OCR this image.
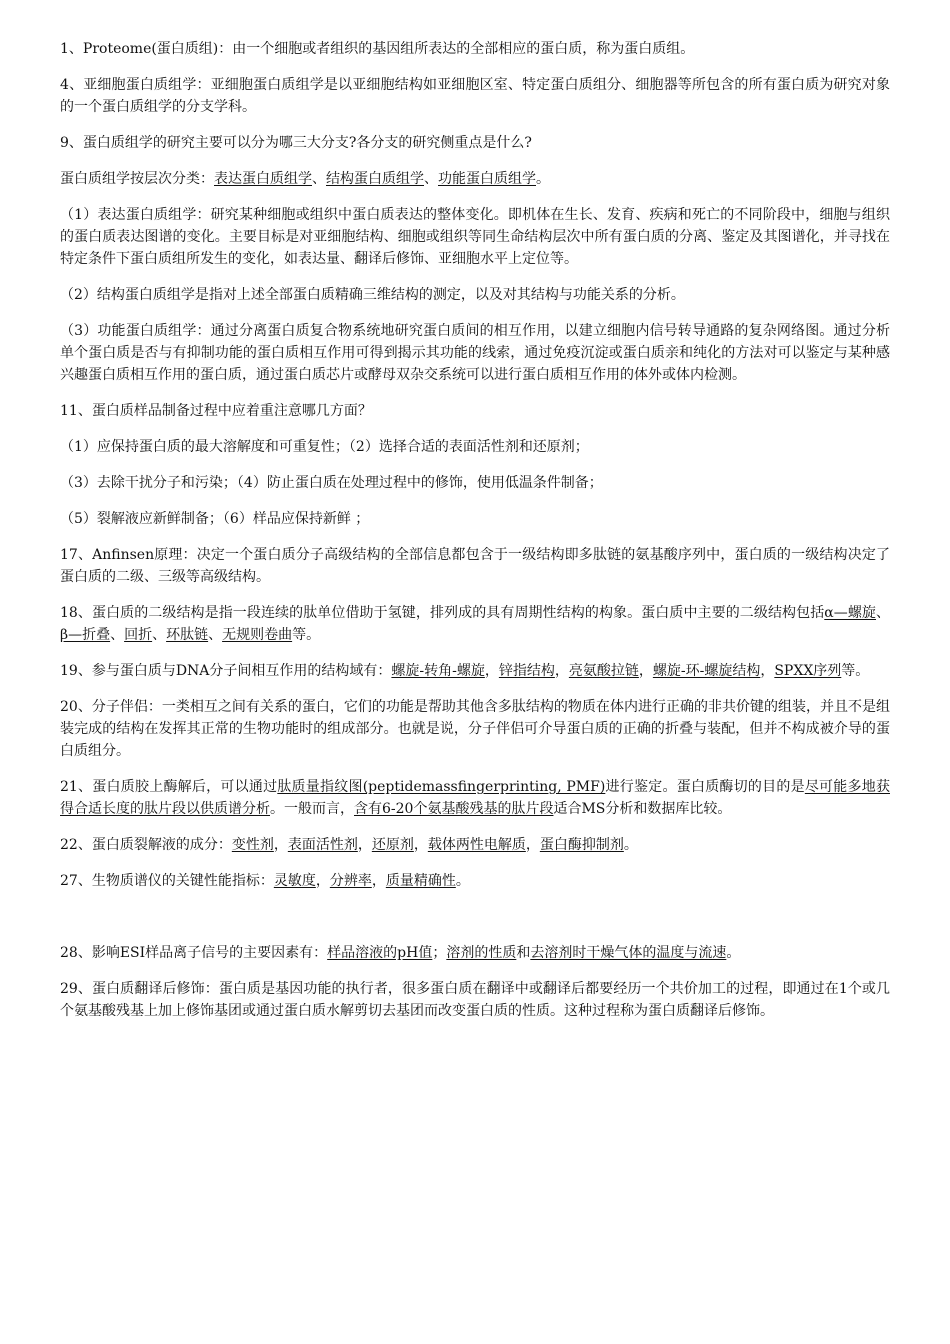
1、Proteome(蛋白质组)：由一个细胞或者组织的基因组所表达的全部相应的蛋白质，称为蛋白质组。

4、亚细胞蛋白质组学：亚细胞蛋白质组学是以亚细胞结构如亚细胞区室、特定蛋白质组分、细胞器等所包含的所有蛋白质为研究对象的一个蛋白质组学的分支学科。

9、蛋白质组学的研究主要可以分为哪三大分支?各分支的研究侧重点是什么?

蛋白质组学按层次分类：表达蛋白质组学、结构蛋白质组学、功能蛋白质组学。

（1）表达蛋白质组学：研究某种细胞或组织中蛋白质表达的整体变化。即机体在生长、发育、疾病和死亡的不同阶段中，细胞与组织的蛋白质表达图谱的变化。主要目标是对亚细胞结构、细胞或组织等同生命结构层次中所有蛋白质的分离、鉴定及其图谱化，并寻找在特定条件下蛋白质组所发生的变化，如表达量、翻译后修饰、亚细胞水平上定位等。

（2）结构蛋白质组学是指对上述全部蛋白质精确三维结构的测定，以及对其结构与功能关系的分析。

（3）功能蛋白质组学：通过分离蛋白质复合物系统地研究蛋白质间的相互作用，以建立细胞内信号转导通路的复杂网络图。通过分析单个蛋白质是否与有抑制功能的蛋白质相互作用可得到揭示其功能的线索，通过免疫沉淀或蛋白质亲和纯化的方法对可以鉴定与某种感兴趣蛋白质相互作用的蛋白质，通过蛋白质芯片或酵母双杂交系统可以进行蛋白质相互作用的体外或体内检测。

11、蛋白质样品制备过程中应着重注意哪几方面？

（1）应保持蛋白质的最大溶解度和可重复性；（2）选择合适的表面活性剂和还原剂；

（3）去除干扰分子和污染；（4）防止蛋白质在处理过程中的修饰，使用低温条件制备；

（5）裂解液应新鲜制备；（6）样品应保持新鲜 ；

17、Anfinsen原理：决定一个蛋白质分子高级结构的全部信息都包含于一级结构即多肽链的氨基酸序列中，蛋白质的一级结构决定了蛋白质的二级、三级等高级结构。

18、蛋白质的二级结构是指一段连续的肽单位借助于氢键，排列成的具有周期性结构的构象。蛋白质中主要的二级结构包括α—螺旋、β—折叠、回折、环肽链、无规则卷曲等。

19、参与蛋白质与DNA分子间相互作用的结构域有：螺旋-转角-螺旋，锌指结构，亮氨酸拉链，螺旋-环-螺旋结构，SPXX序列等。

20、分子伴侣：一类相互之间有关系的蛋白，它们的功能是帮助其他含多肽结构的物质在体内进行正确的非共价键的组装，并且不是组装完成的结构在发挥其正常的生物功能时的组成部分。也就是说，分子伴侣可介导蛋白质的正确的折叠与装配，但并不构成被介导的蛋白质组分。

21、蛋白质胶上酶解后，可以通过肽质量指纹图(peptidemassfingerprinting, PMF)进行鉴定。蛋白质酶切的目的是尽可能多地获得合适长度的肽片段以供质谱分析。一般而言，含有6-20个氨基酸残基的肽片段适合MS分析和数据库比较。

22、蛋白质裂解液的成分：变性剂，表面活性剂，还原剂，载体两性电解质，蛋白酶抑制剂。

27、生物质谱仪的关键性能指标：灵敏度，分辨率，质量精确性。

28、影响ESI样品离子信号的主要因素有：样品溶液的pH值；溶剂的性质和去溶剂时干燥气体的温度与流速。

29、蛋白质翻译后修饰：蛋白质是基因功能的执行者，很多蛋白质在翻译中或翻译后都要经历一个共价加工的过程，即通过在1个或几个氨基酸残基上加上修饰基团或通过蛋白质水解剪切去基团而改变蛋白质的性质。这种过程称为蛋白质翻译后修饰。
